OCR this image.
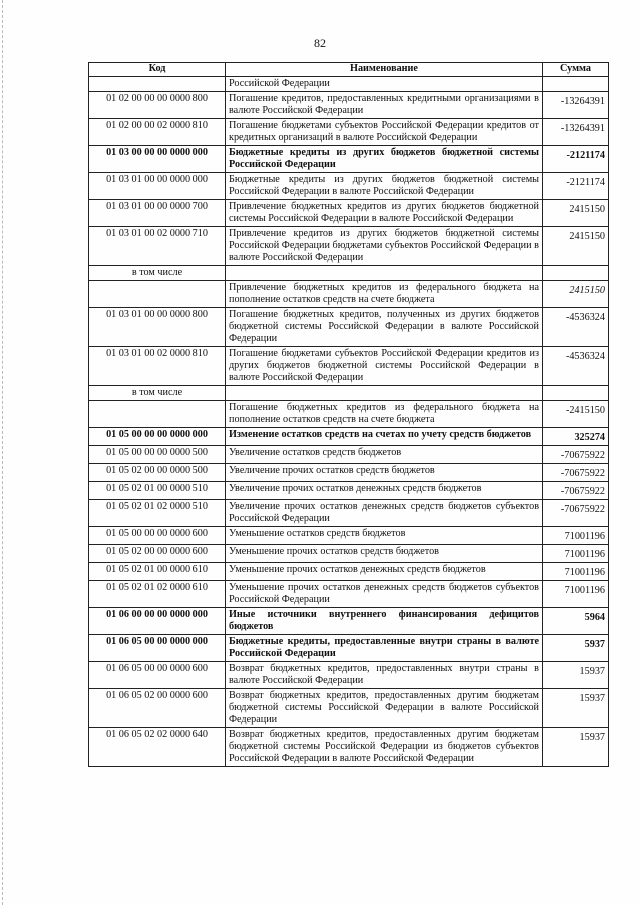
82
Код	Наименование	Сумма
	Российской Федерации	
01 02 00 00 00 0000 800	Погашение кредитов, предоставленных кредитными организациями в валюте Российской Федерации	-13264391
01 02 00 00 02 0000 810	Погашение бюджетами субъектов Российской Федерации кредитов от кредитных организаций в валюте Российской Федерации	-13264391
01 03 00 00 00 0000 000	Бюджетные кредиты из других бюджетов бюджетной системы Российской Федерации	-2121174
01 03 01 00 00 0000 000	Бюджетные кредиты из других бюджетов бюджетной системы Российской Федерации в валюте Российской Федерации	-2121174
01 03 01 00 00 0000 700	Привлечение бюджетных кредитов из других бюджетов бюджетной системы Российской Федерации в валюте Российской Федерации	2415150
01 03 01 00 02 0000 710	Привлечение кредитов из других бюджетов бюджетной системы Российской Федерации бюджетами субъектов Российской Федерации в валюте Российской Федерации	2415150
в том числе		
	Привлечение бюджетных кредитов из федерального бюджета на пополнение остатков средств на счете бюджета	2415150
01 03 01 00 00 0000 800	Погашение бюджетных кредитов, полученных из других бюджетов бюджетной системы Российской Федерации в валюте Российской Федерации	-4536324
01 03 01 00 02 0000 810	Погашение бюджетами субъектов Российской Федерации кредитов из других бюджетов бюджетной системы Российской Федерации в валюте Российской Федерации	-4536324
в том числе		
	Погашение бюджетных кредитов из федерального бюджета на пополнение остатков средств на счете бюджета	-2415150
01 05 00 00 00 0000 000	Изменение остатков средств на счетах по учету средств бюджетов	325274
01 05 00 00 00 0000 500	Увеличение остатков средств бюджетов	-70675922
01 05 02 00 00 0000 500	Увеличение прочих остатков средств бюджетов	-70675922
01 05 02 01 00 0000 510	Увеличение прочих остатков денежных средств бюджетов	-70675922
01 05 02 01 02 0000 510	Увеличение прочих остатков денежных средств бюджетов субъектов Российской Федерации	-70675922
01 05 00 00 00 0000 600	Уменьшение остатков средств бюджетов	71001196
01 05 02 00 00 0000 600	Уменьшение прочих остатков средств бюджетов	71001196
01 05 02 01 00 0000 610	Уменьшение прочих остатков денежных средств бюджетов	71001196
01 05 02 01 02 0000 610	Уменьшение прочих остатков денежных средств бюджетов субъектов Российской Федерации	71001196
01 06 00 00 00 0000 000	Иные источники внутреннего финансирования дефицитов бюджетов	5964
01 06 05 00 00 0000 000	Бюджетные кредиты, предоставленные внутри страны в валюте Российской Федерации	5937
01 06 05 00 00 0000 600	Возврат бюджетных кредитов, предоставленных внутри страны в валюте Российской Федерации	15937
01 06 05 02 00 0000 600	Возврат бюджетных кредитов, предоставленных другим бюджетам бюджетной системы Российской Федерации в валюте Российской Федерации	15937
01 06 05 02 02 0000 640	Возврат бюджетных кредитов, предоставленных другим бюджетам бюджетной системы Российской Федерации из бюджетов субъектов Российской Федерации в валюте Российской Федерации	15937
